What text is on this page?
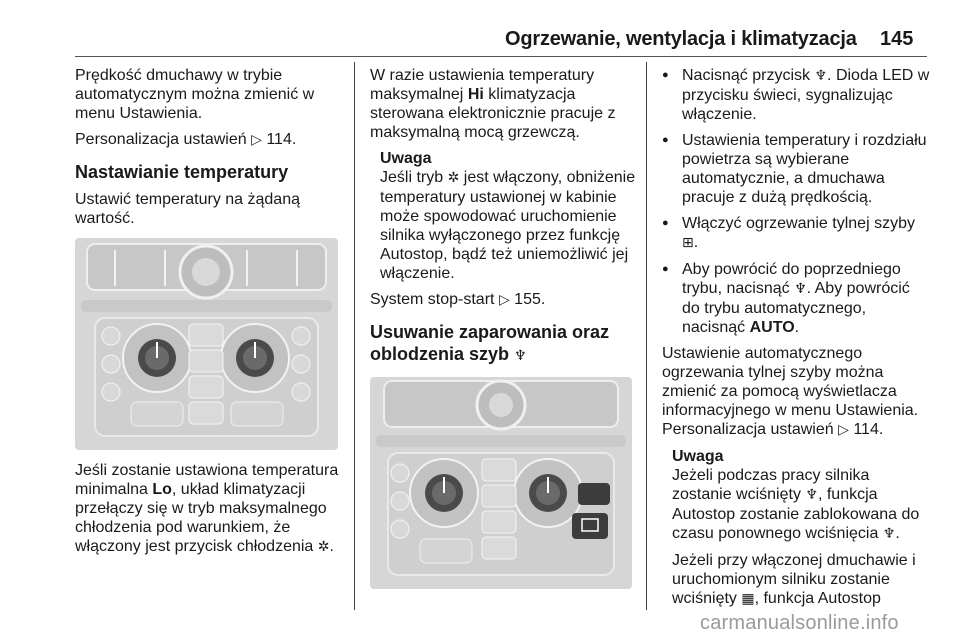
Ogrzewanie, wentylacja i klimatyzacja 145

Prędkość dmuchawy w trybie automatycznym można zmienić w menu Ustawienia.

Personalizacja ustawień ▷ 114.

Nastawianie temperatury

Ustawić temperatury na żądaną wartość.

Jeśli zostanie ustawiona temperatura minimalna Lo, układ klimatyzacji przełączy się w tryb maksymalnego chłodzenia pod warunkiem, że włączony jest przycisk chłodzenia ✲.

W razie ustawienia temperatury maksymalnej Hi klimatyzacja sterowana elektronicznie pracuje z maksymalną mocą grzewczą.

Uwaga

Jeśli tryb ✲ jest włączony, obniżenie temperatury ustawionej w kabinie może spowodować uruchomienie silnika wyłączonego przez funkcję Autostop, bądź też uniemożliwić jej włączenie.

System stop-start ▷ 155.

Usuwanie zaparowania oraz oblodzenia szyb ♆

● Nacisnąć przycisk ♆. Dioda LED w przycisku świeci, sygnalizując włączenie.
● Ustawienia temperatury i rozdziału powietrza są wybierane automatycznie, a dmuchawa pracuje z dużą prędkością.
● Włączyć ogrzewanie tylnej szyby ⊞.
● Aby powrócić do poprzedniego trybu, nacisnąć ♆. Aby powrócić do trybu automatycznego, nacisnąć AUTO.

Ustawienie automatycznego ogrzewania tylnej szyby można zmienić za pomocą wyświetlacza informacyjnego w menu Ustawienia.

Personalizacja ustawień ▷ 114.

Uwaga

Jeżeli podczas pracy silnika zostanie wciśnięty ♆, funkcja Autostop zostanie zablokowana do czasu ponownego wciśnięcia ♆.

Jeżeli przy włączonej dmuchawie i uruchomionym silniku zostanie wciśnięty ▦, funkcja Autostop

carmanualsonline.info
